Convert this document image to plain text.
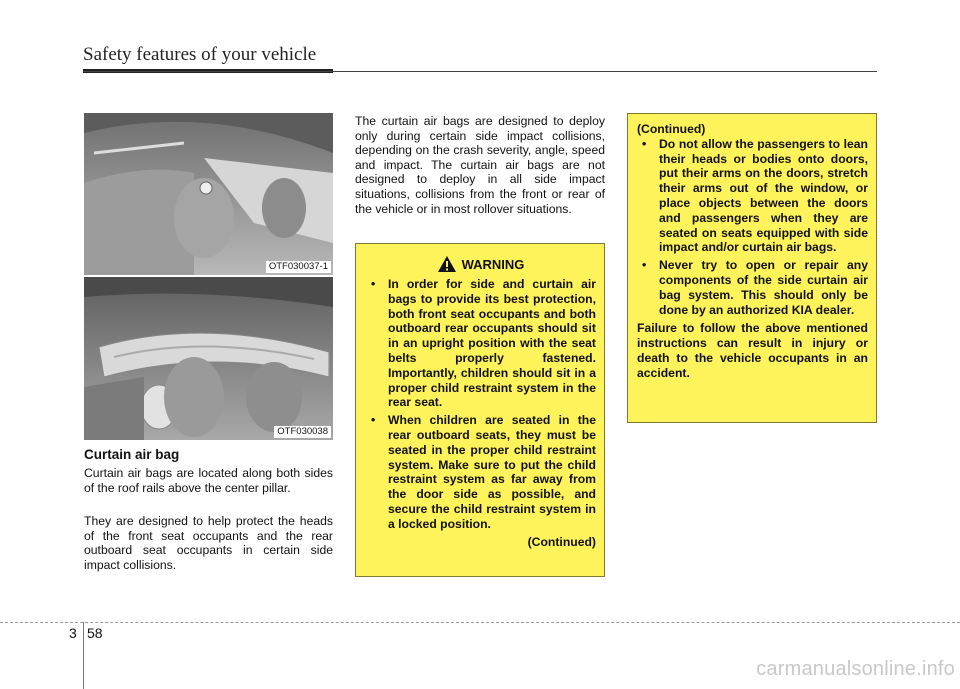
Safety features of your vehicle
OTF030037-1
OTF030038
Curtain air bag
Curtain air bags are located along both sides of the roof rails above the center pillar.
They are designed to help protect the heads of the front seat occupants and the rear outboard seat occupants in certain side impact collisions.
The curtain air bags are designed to deploy only during certain side impact collisions, depending on the crash severity, angle, speed and impact. The curtain air bags are not designed to deploy in all side impact situations, collisions from the front or rear of the vehicle or in most rollover situations.
WARNING
• In order for side and curtain air bags to provide its best protection, both front seat occupants and both outboard rear occupants should sit in an upright position with the seat belts properly fastened. Importantly, children should sit in a proper child restraint system in the rear seat.
• When children are seated in the rear outboard seats, they must be seated in the proper child restraint system. Make sure to put the child restraint system as far away from the door side as possible, and secure the child restraint system in a locked position.
(Continued)
(Continued)
• Do not allow the passengers to lean their heads or bodies onto doors, put their arms on the doors, stretch their arms out of the window, or place objects between the doors and passengers when they are seated on seats equipped with side impact and/or curtain air bags.
• Never try to open or repair any components of the side curtain air bag system. This should only be done by an authorized KIA dealer.
Failure to follow the above mentioned instructions can result in injury or death to the vehicle occupants in an accident.
3 58
carmanualsonline.info
